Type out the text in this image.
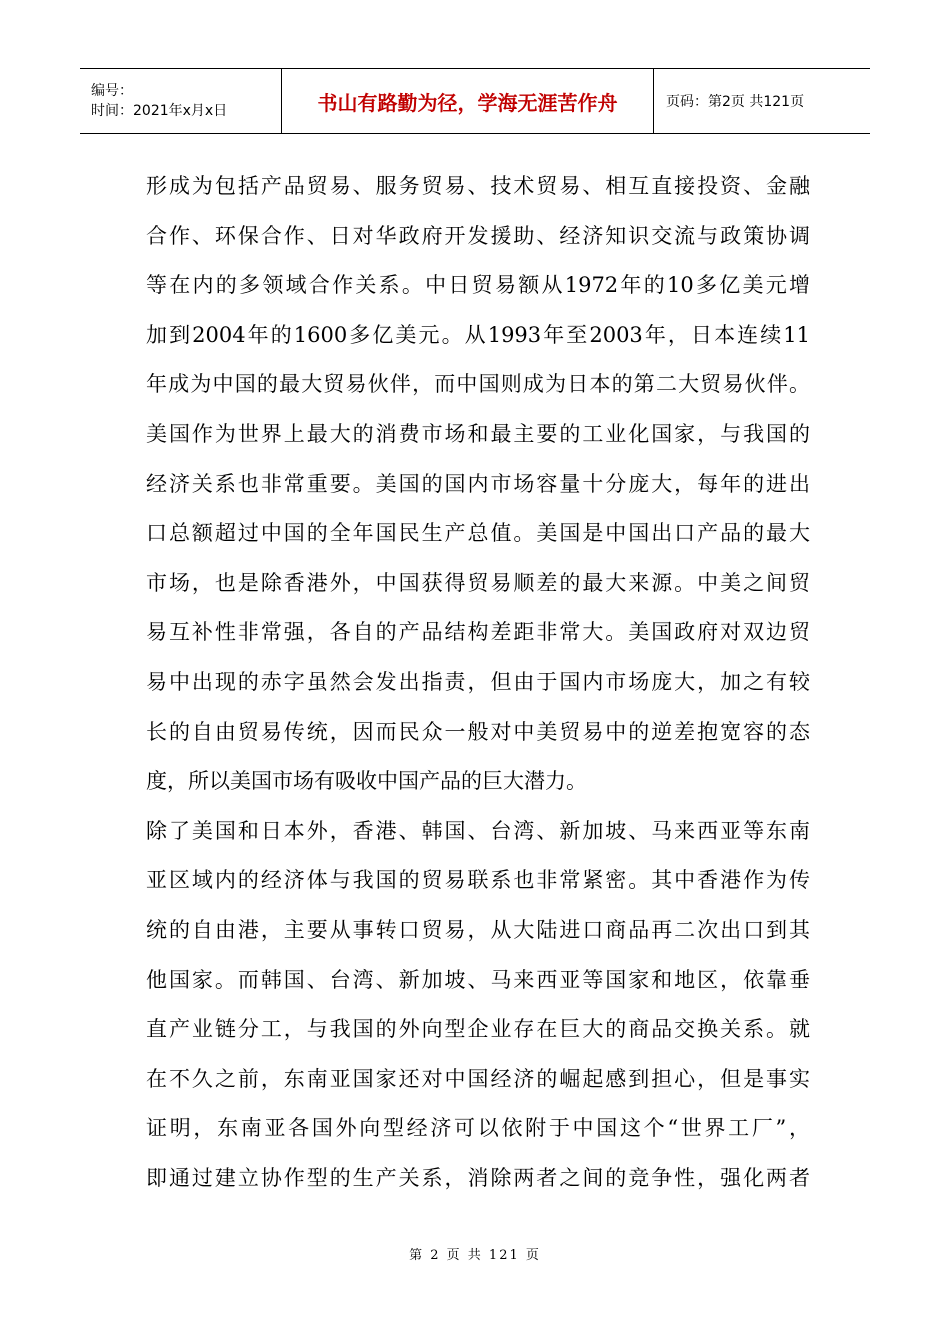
编号：
时间：2021年x月x日	书山有路勤为径，学海无涯苦作舟	页码：第2页 共121页

形成为包括产品贸易、服务贸易、技术贸易、相互直接投资、金融
合作、环保合作、日对华政府开发援助、经济知识交流与政策协调
等在内的多领域合作关系。中日贸易额从1972年的10多亿美元增
加到2004年的1600多亿美元。从1993年至2003年，日本连续11
年成为中国的最大贸易伙伴，而中国则成为日本的第二大贸易伙伴。

美国作为世界上最大的消费市场和最主要的工业化国家，与我国的
经济关系也非常重要。美国的国内市场容量十分庞大，每年的进出
口总额超过中国的全年国民生产总值。美国是中国出口产品的最大
市场，也是除香港外，中国获得贸易顺差的最大来源。中美之间贸
易互补性非常强，各自的产品结构差距非常大。美国政府对双边贸
易中出现的赤字虽然会发出指责，但由于国内市场庞大，加之有较
长的自由贸易传统，因而民众一般对中美贸易中的逆差抱宽容的态
度，所以美国市场有吸收中国产品的巨大潜力。

除了美国和日本外，香港、韩国、台湾、新加坡、马来西亚等东南
亚区域内的经济体与我国的贸易联系也非常紧密。其中香港作为传
统的自由港，主要从事转口贸易，从大陆进口商品再二次出口到其
他国家。而韩国、台湾、新加坡、马来西亚等国家和地区，依靠垂
直产业链分工，与我国的外向型企业存在巨大的商品交换关系。就
在不久之前，东南亚国家还对中国经济的崛起感到担心，但是事实
证明，东南亚各国外向型经济可以依附于中国这个“世界工厂”，
即通过建立协作型的生产关系，消除两者之间的竞争性，强化两者

第 2 页 共 121 页
